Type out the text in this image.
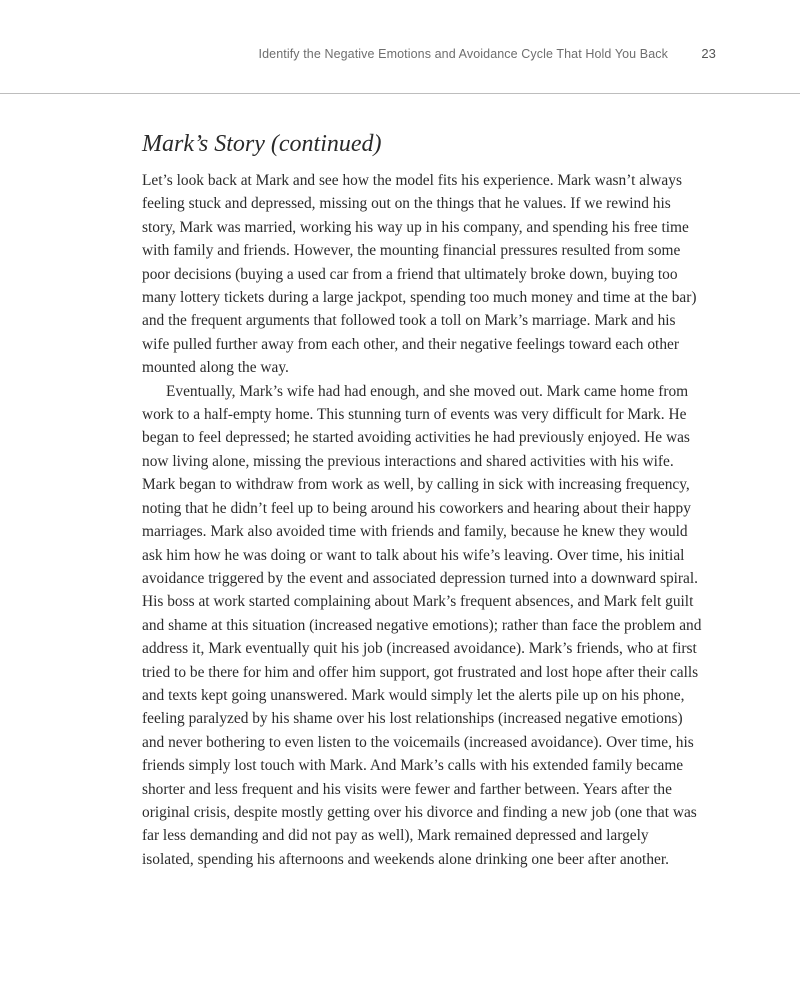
Identify the Negative Emotions and Avoidance Cycle That Hold You Back	23
Mark’s Story (continued)

Let’s look back at Mark and see how the model fits his experience. Mark wasn’t always feeling stuck and depressed, missing out on the things that he values. If we rewind his story, Mark was married, working his way up in his company, and spending his free time with family and friends. However, the mounting financial pressures resulted from some poor decisions (buying a used car from a friend that ultimately broke down, buying too many lottery tickets during a large jackpot, spending too much money and time at the bar) and the frequent arguments that followed took a toll on Mark’s marriage. Mark and his wife pulled further away from each other, and their negative feelings toward each other mounted along the way.

Eventually, Mark’s wife had had enough, and she moved out. Mark came home from work to a half-empty home. This stunning turn of events was very difficult for Mark. He began to feel depressed; he started avoiding activities he had previously enjoyed. He was now living alone, missing the previous interactions and shared activities with his wife. Mark began to withdraw from work as well, by calling in sick with increasing frequency, noting that he didn’t feel up to being around his coworkers and hearing about their happy marriages. Mark also avoided time with friends and family, because he knew they would ask him how he was doing or want to talk about his wife’s leaving. Over time, his initial avoidance triggered by the event and associated depression turned into a downward spiral. His boss at work started complaining about Mark’s frequent absences, and Mark felt guilt and shame at this situation (increased negative emotions); rather than face the problem and address it, Mark eventually quit his job (increased avoidance). Mark’s friends, who at first tried to be there for him and offer him support, got frustrated and lost hope after their calls and texts kept going unanswered. Mark would simply let the alerts pile up on his phone, feeling paralyzed by his shame over his lost relationships (increased negative emotions) and never bothering to even listen to the voicemails (increased avoidance). Over time, his friends simply lost touch with Mark. And Mark’s calls with his extended family became shorter and less frequent and his visits were fewer and farther between. Years after the original crisis, despite mostly getting over his divorce and finding a new job (one that was far less demanding and did not pay as well), Mark remained depressed and largely isolated, spending his afternoons and weekends alone drinking one beer after another.
